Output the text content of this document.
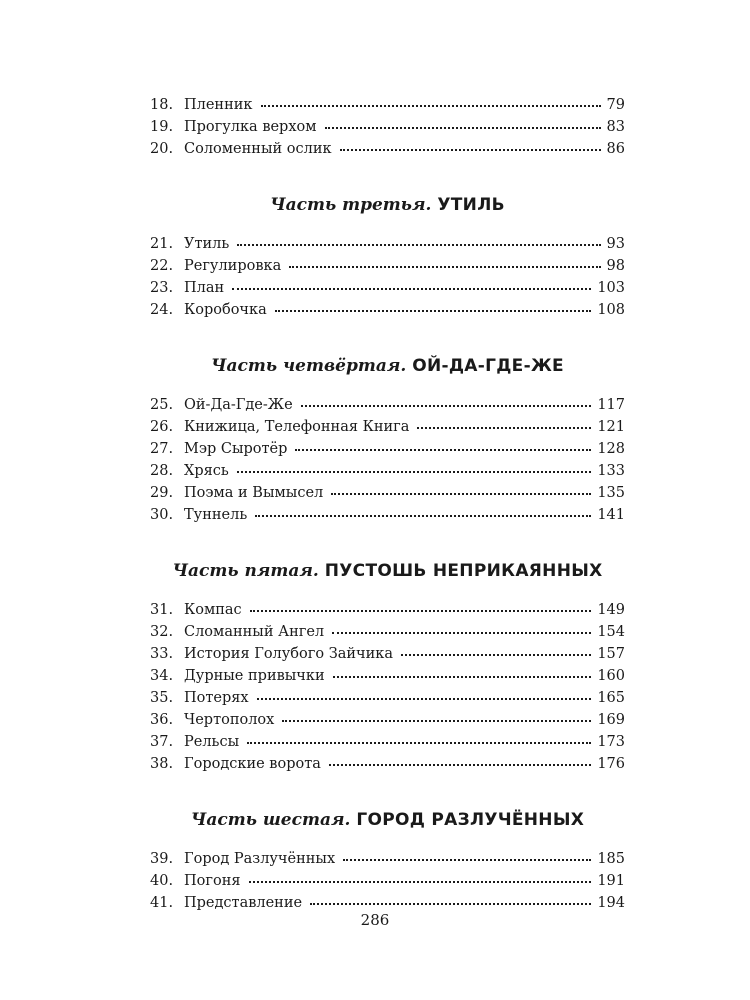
18. Пленник	79
19. Прогулка верхом	83
20. Соломенный ослик	86
Часть третья. УТИЛЬ
21. Утиль	93
22. Регулировка	98
23. План	103
24. Коробочка	108
Часть четвёртая. ОЙ-ДА-ГДЕ-ЖЕ
25. Ой-Да-Где-Же	117
26. Книжица, Телефонная Книга	121
27. Мэр Сыротёр	128
28. Хрясь	133
29. Поэма и Вымысел	135
30. Туннель	141
Часть пятая. ПУСТОШЬ НЕПРИКАЯННЫХ
31. Компас	149
32. Сломанный Ангел	154
33. История Голубого Зайчика	157
34. Дурные привычки	160
35. Потерях	165
36. Чертополох	169
37. Рельсы	173
38. Городские ворота	176
Часть шестая. ГОРОД РАЗЛУЧЁННЫХ
39. Город Разлучённых	185
40. Погоня	191
41. Представление	194
286
